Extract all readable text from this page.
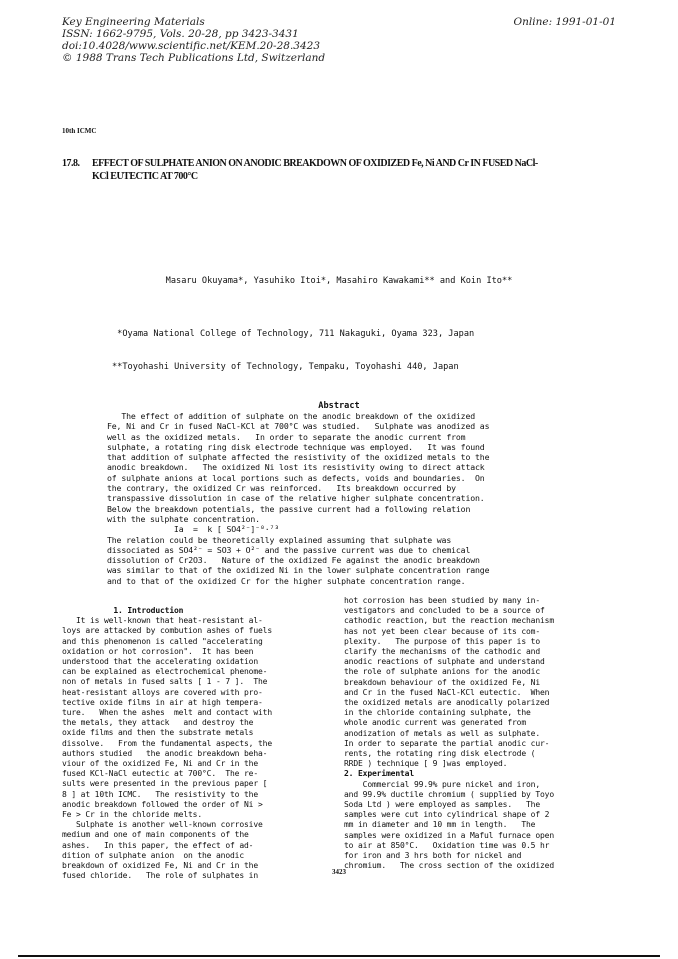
Key Engineering Materials
ISSN: 1662-9795, Vols. 20-28, pp 3423-3431
doi:10.4028/www.scientific.net/KEM.20-28.3423
© 1988 Trans Tech Publications Ltd, Switzerland
Online: 1991-01-01
10th ICMC
17.8. EFFECT OF SULPHATE ANION ON ANODIC BREAKDOWN OF OXIDIZED Fe, Ni AND Cr IN FUSED NaCl-
KCl EUTECTIC AT 700°C
Masaru Okuyama*, Yasuhiko Itoi*, Masahiro Kawakami** and Koin Ito**

*Oyama National College of Technology, 711 Nakaguki, Oyama 323, Japan

**Toyohashi University of Technology, Tempaku, Toyohashi 440, Japan

Abstract
The effect of addition of sulphate on the anodic breakdown of the oxidized
Fe, Ni and Cr in fused NaCl-KCl at 700°C was studied.   Sulphate was anodized as
well as the oxidized metals.   In order to separate the anodic current from
sulphate, a rotating ring disk electrode technique was employed.   It was found
that addition of sulphate affected the resistivity of the oxidized metals to the
anodic breakdown.   The oxidized Ni lost its resistivity owing to direct attack
of sulphate anions at local portions such as defects, voids and boundaries.  On
the contrary, the oxidized Cr was reinforced.   Its breakdown occurred by
transpassive dissolution in case of the relative higher sulphate concentration.
Below the breakdown potentials, the passive current had a following relation
with the sulphate concentration.
Ia  =  k [ SO4²⁻]⁻⁰·⁷³
The relation could be theoretically explained assuming that sulphate was
dissociated as SO4²⁻ = SO3 + O²⁻ and the passive current was due to chemical
dissolution of Cr2O3.   Nature of the oxidized Fe against the anodic breakdown
was similar to that of the oxidized Ni in the lower sulphate concentration range
and to that of the oxidized Cr for the higher sulphate concentration range.
1. Introduction
It is well-known that heat-resistant al-
loys are attacked by combution ashes of fuels
and this phenomenon is called "accelerating
oxidation or hot corrosion".  It has been
understood that the accelerating oxidation
can be explained as electrochemical phenome-
non of metals in fused salts [ 1 - 7 ].  The
heat-resistant alloys are covered with pro-
tective oxide films in air at high tempera-
ture.   When the ashes  melt and contact with
the metals, they attack   and destroy the
oxide films and then the substrate metals
dissolve.   From the fundamental aspects, the
authors studied   the anodic breakdown beha-
viour of the oxidized Fe, Ni and Cr in the
fused KCl-NaCl eutectic at 700°C.  The re-
sults were presented in the previous paper [
8 ] at 10th ICMC.   The resistivity to the
anodic breakdown followed the order of Ni >
Fe > Cr in the chloride melts.
Sulphate is another well-known corrosive
medium and one of main components of the
ashes.   In this paper, the effect of ad-
dition of sulphate anion  on the anodic
breakdown of oxidized Fe, Ni and Cr in the
fused chloride.   The role of sulphates in
hot corrosion has been studied by many in-
vestigators and concluded to be a source of
cathodic reaction, but the reaction mechanism
has not yet been clear because of its com-
plexity.   The purpose of this paper is to
clarify the mechanisms of the cathodic and
anodic reactions of sulphate and understand
the role of sulphate anions for the anodic
breakdown behaviour of the oxidized Fe, Ni
and Cr in the fused NaCl-KCl eutectic.  When
the oxidized metals are anodically polarized
in the chloride containing sulphate, the
whole anodic current was generated from
anodization of metals as well as sulphate.
In order to separate the partial anodic cur-
rents, the rotating ring disk electrode (
RRDE ) technique [ 9 ]was employed.
2. Experimental
Commercial 99.9% pure nickel and iron,
and 99.9% ductile chromium ( supplied by Toyo
Soda Ltd ) were employed as samples.   The
samples were cut into cylindrical shape of 2
mm in diameter and 10 mm in length.   The
samples were oxidized in a Maful furnace open
to air at 850°C.   Oxidation time was 0.5 hr
for iron and 3 hrs both for nickel and
chromium.   The cross section of the oxidized
3423
